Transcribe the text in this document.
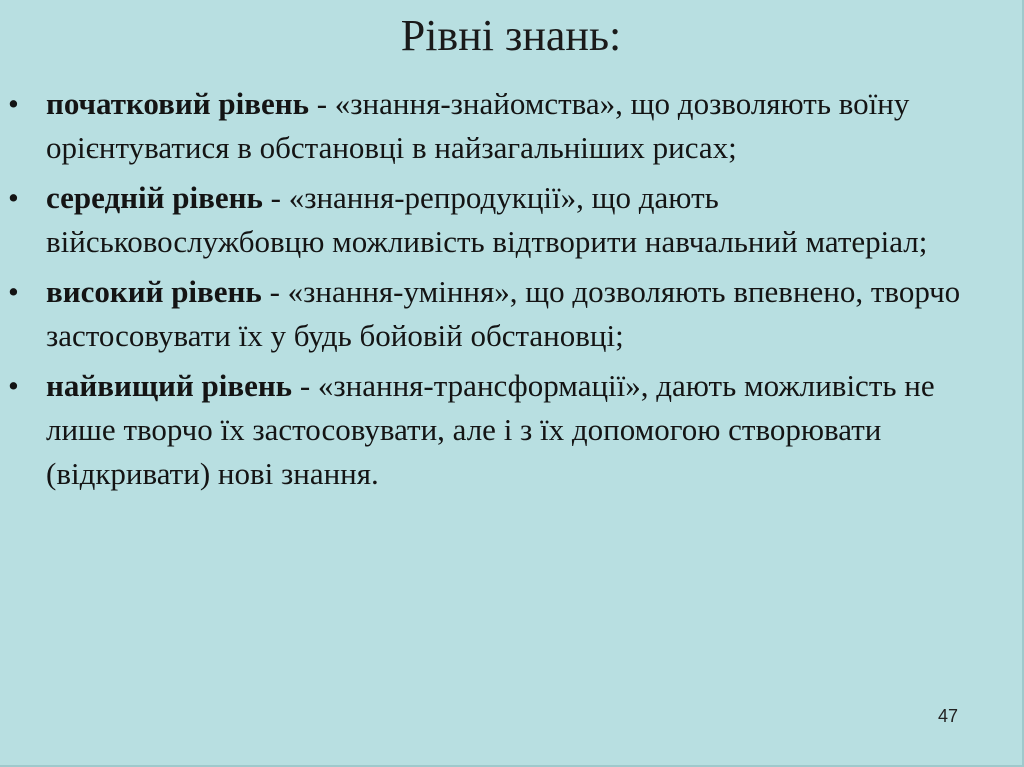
Рівні знань:
• початковий рівень - «знання-знайомства», що дозволяють воїну орієнтуватися в обстановці в найзагальніших рисах;
• середній рівень - «знання-репродукції», що дають військовослужбовцю можливість відтворити навчальний матеріал;
• високий рівень - «знання-уміння», що дозволяють впевнено, творчо застосовувати їх у будь бойовій обстановці;
• найвищий рівень - «знання-трансформації», дають можливість не лише творчо їх застосовувати, але і з їх допомогою створювати (відкривати) нові знання.
47
